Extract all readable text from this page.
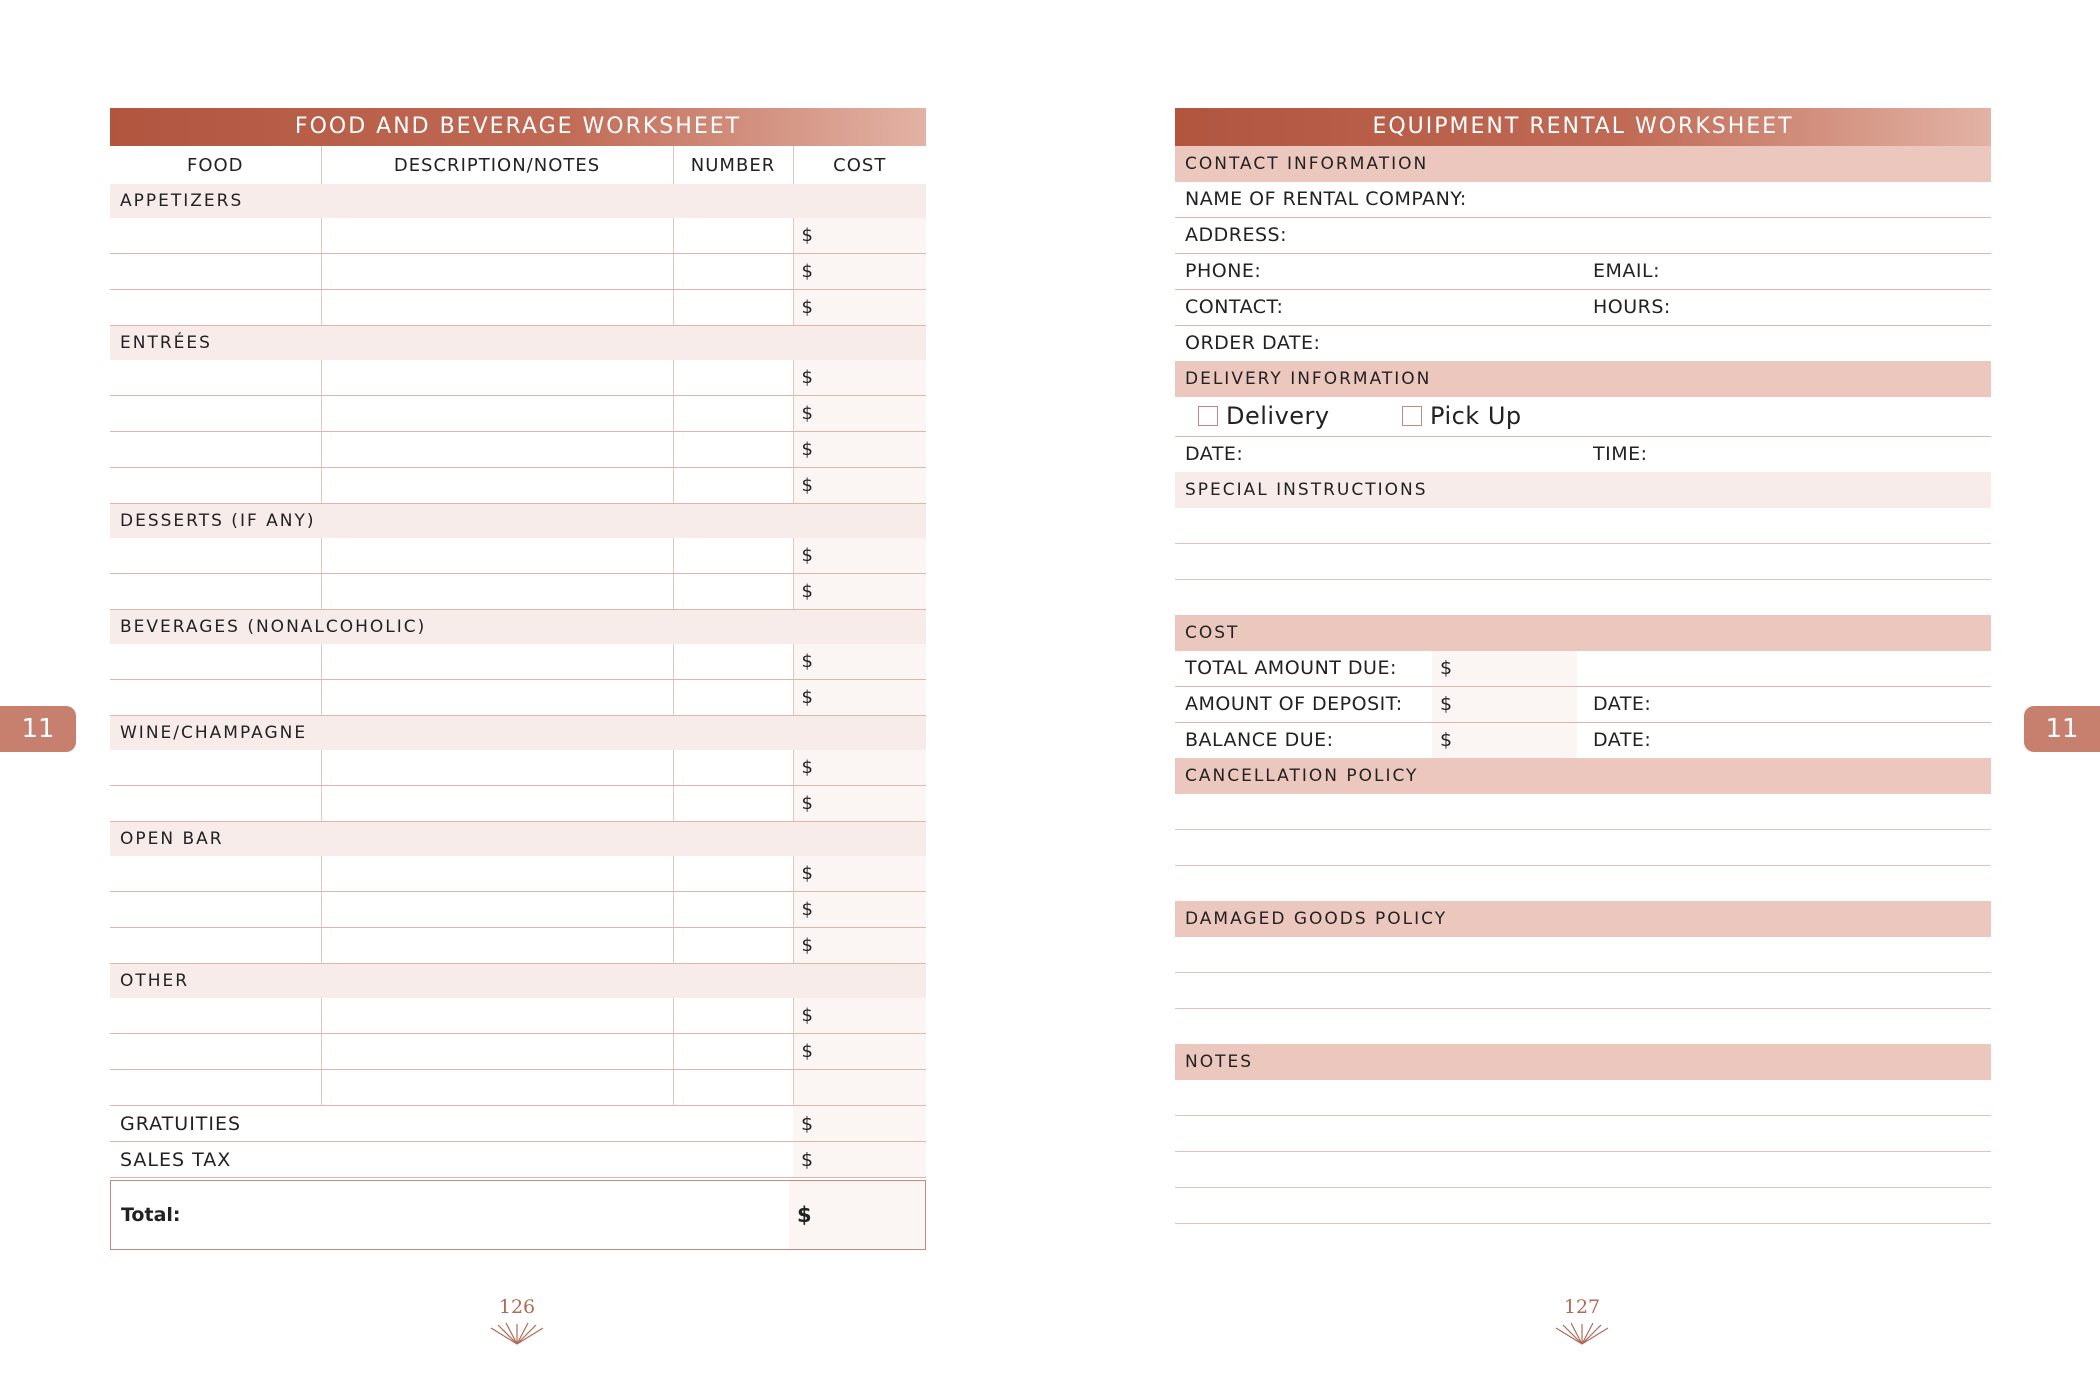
FOOD AND BEVERAGE WORKSHEET
FOOD	DESCRIPTION/NOTES	NUMBER	COST
APPETIZERS			
			$
			$
			$
ENTRÉES			
			$
			$
			$
			$
DESSERTS (IF ANY)			
			$
			$
BEVERAGES (NONALCOHOLIC)			
			$
			$
WINE/CHAMPAGNE			
			$
			$
OPEN BAR			
			$
			$
			$
OTHER			
			$
			$

GRATUITIES			$
SALES TAX			$
Total:	$
EQUIPMENT RENTAL WORKSHEET
CONTACT INFORMATION
NAME OF RENTAL COMPANY:
ADDRESS:
PHONE:	EMAIL:
CONTACT:	HOURS:
ORDER DATE:
DELIVERY INFORMATION
Delivery	Pick Up
DATE:	TIME:
SPECIAL INSTRUCTIONS
COST
TOTAL AMOUNT DUE:	$
AMOUNT OF DEPOSIT:	$	DATE:
BALANCE DUE:	$	DATE:
CANCELLATION POLICY
DAMAGED GOODS POLICY
NOTES
11	11
126	127
